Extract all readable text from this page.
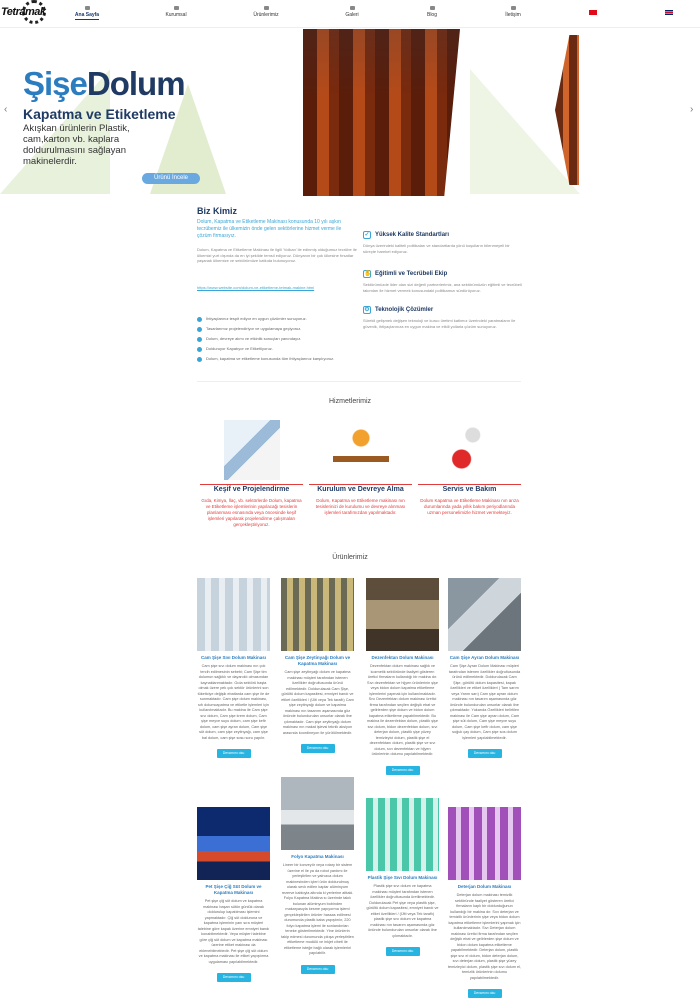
Tetramak	Ana Sayfa	Kurumsal	Ürünlerimiz	Galeri	Blog	İletişim
ŞişeDolum
Kapatma ve Etiketleme
Akışkan ürünlerin Plastik, cam,karton vb. kaplara doldurulmasını sağlayan makinelerdir.
Ürünü İncele
‹	›
Biz Kimiz
Dolum, Kapatma ve Etiketleme Makinası konusunda 10 yılı aşkın tecrübemiz ile ülkemizin önde gelen sektörlerine hizmet verme ile çözüm firmasıyız.
Dolum, Kapatma ve Etiketleme Makinası ile ilgili 'Volkan' ile edinmiş olduğumuz tecrübe ile ülkemizi yurt dışında da en iyi şekilde temsil ediyoruz. Dünyanın bir çok ülkesine fırsatlar yaşanak ülkemize ve sektörümüze katkıda bulunuyoruz.
https://www.website.com/dolum-ve-etiketleme-tetmak-makine.html
İhtiyaçlarınız tespit ediyor en uygun çözümler sunuyoruz.
Tasarlarımız projelendiriyor ve uygulamaya geçiyoruz.
Dolum, devreye alımı ve etkinlik sonuçları yanındayız.
Dolduruyor Kapatıyor ve Etiketliyoruz.
Dolum, kapatma ve etiketleme konusunda tüm ihtiyaçlarınız karşılıyoruz.
✓ Yüksek Kalite Standartları
Dünya üzerindeki kaliteli politikaları ve standartlarda yönü koşulların bilenmeyeli bir süreçte hareket ediyoruz.
✋ Eğitimli ve Tecrübeli Ekip
Sektörümüzde lider olan sizi değerli partnerlerimiz, ana sektörümüzün eğitimli ve tecrübeli takımları ile hizmet vermek konusundaki politikamızı sürdürüyoruz.
⚙ Teknolojik Çözümler
Sürekli gelişmek değişen teknoloji ve kuruo üretimi katlımız üzerindeki yaratmaların ile güvenik, ihtiyaçlarınıza en uygun makina ve etkili yollarla çözüm sunuyoruz.
Hizmetlerimiz
Keşif ve Projelendirme
Gıda, Kimya, İlaç, vb. sektörlerde Dolum, kapatma ve Etiketleme işlemlerinin yapılacağı tesislerin planlanması esnasında veya öncesinde keşif işlemleri yapılarak projelendirme çalışmaları gerçekleştiriyoruz.
Kurulum ve Devreye Alma
Dolum, Kapatma ve Etiketleme makinası nın tesislerinizi de kurulumu ve devreye alınması işlemleri tarafımızdan yapılmaktadır.
Servis ve Bakım
Dolum Kapatma ve Etiketleme Makinası nın arıza durumlarında yada yıllık bakım periyodlarında uzman personelimizle hizmet vermekteyiz.
Ürünlerimiz
Cam Şişe Sıvı Dolum Makinası
Cam şişe sıvı dolum makinası nın çok tercih edilmesinin sebebi; Cam Şişe tim dolumun sağlıklı ve dayanıklı olmasından kaynaklanmaktadır. Gıda sektörü başta olmak üzere pek çok sektör ürünlerini son tüketiciye değişik ebatlarda cam şişe ile de sunmaktadır. Cam şişe dolum makinası, sıfı dolumcapatma ve etiketle işlemleri için kullanılmaktadır. Bu makina ile Cam şişe sıvı dolum, Cam şişe krem dolum, Cam şişe meyve suyu dolum, cam şişe kefir dolum, cam şişe ayran dolum, Cam şişe süt dolum, cam şişe zeytinyağı, cam şişe bal dolum, cam şişe sosu soru yapılır.
Devamını oku
Cam Şişe Zeytinyağı Dolum ve Kapatma Makinası
Cam şişe zeytinyağı dolum ve kapatma makinası müşteri tarafından istenen özellikler doğrultusunda ürünü edilmektedir. Doldurulacak Cam Şişe, gürültü dolum kapasitesi, emniyet bandı ve etiket özellikleri / (Ülti veya Tek taraflı) Cam şişe zeytinyağı dolum ve kapatma makinası nın tasarımı aşamasında göz önünde bulundurulan unsurlar olarak ilne çıkmaktadır. Cam şişe zeytinyağı dolum makinası nın makat işlevsi teknik aksiyon arasında koordineyon ile yürütülmektedir.
Devamını oku
Dezenfektan Dolum Makinası
Dezenfektan dolum makinası sağlık ve kozmetik sektöründe faaliyet gösteren üretici firmaların kullandığı bir makina dır. Sıvı dezenfektan ve hijyen ürünlerinin şişe veya bidon dolum kapatma etiketleme işlemlerini yapmak için kullanılmaktadır. Sıvı Dezenfektan dolum makinası üretici firma tarafından seçilen değişik ebat ve gelirlerden şişe dolum ve bidon dolum kapatma etiketleme yapabilmektedir. Bu makina ile dezenfektan dolum, plastik şişe sıvı dolum, bidon dezenfektan dolum, sıvı deterjan dolum, plastik şişe yüzey temizleyici dolum, plastik şişe el dezenfektanı dolum, plastik şişe ve sıvı dolum, sıvı dezenfektan ve hijyen ürünlerinin dolumu yapılabilmektedir.
Devamını oku
Cam Şişe Ayran Dolum Makinası
Cam Şişe Ayran Dolum Makinası müşteri tarafından istenen özellikler doğrultusunda ürünü edilmektedir. Doldurulacak Cam Şişe, gürültü dolum kapasitesi, kapak özellikleri ve etiket özellikleri ( Tam sarım veya Yarım sarı) Cam şişe ayran dolum makinası nın tasarım aşamasında göz önünde bulundurulan unsurlar olarak ilne çıkmaktadır. Yukarıda Özellikleri belirtilen makinası ile Cam şişe ayran dolum, Cam şişe süt dolum, Cam şişe meyve suyu dolum, Cam şişe kefir dolum, cam şişe soğuk çay dolum, Cam şişe sos dolum işlemleri yapılabilmektedir.
Devamını oku
Pet Şişe Çiğ Süt Dolum ve Kapatma Makinası
Pet şişe çiğ süt dolum ve kapatma makinası başarı sütün günlük olarak doldurulup kapatılması işlemini yapmaktadır. Çiğ süt dolduruna ve kapatma işleminin yanı sıra müşteri talebine göre kapak üzerine emniyet bandı konabilmektedir. Veya müşteri talebine göre çiğ süt dolum ve kapatma makinası üzerine etiket makinası da eklenebilmektedir. Pet şişe çiğ süt dolum ve kapatma makinası ile etiket yapıştırma uygulaması yapılabilmektedir.
Devamını oku
Folyo Kapatma Makinası
Lineer bir konveyör veya rotary bir sistem üzerine el ile ya da robot yardımı ile yerleştirilen ve yalnızca dolum makinesinden içleri ürün doldurulmuş olarak sevk edilen kaplar alüminyum rezerve kabloyla altında ki yerlerine alttaki. Folyo Kapatma Makina sı üzerinde takılı bulunan alüminyum bobinden makaryasıyla kesme yapıyorma işlemi gerçekleştirilen ürünler hassas edilmesi durumunda plastik kaba yapıştırılır, 220 folyo kapatma işlemi ile sonlandırılan teneke gösterilmektedir. Yine ürünlerin takip edmesi durumunda çıkışa yerleştirilen etiketleme modülü ve inkjet ciheti ile etiketleme isteğe bağlı olarak işlemlerini yapılabilir.
Devamını oku
Plastik Şişe Sıvı Dolum Makinası
Plastik şişe sıvı dolum ve kapatma makinası müşteri tarafından istenen özellikler doğrultusunda üretilmektedir. Doldurulacak Pet şişe veya plastik şişe, gürültü dolum kapasitesi, emniyet bandı ve etiket özellikleri / (Ülti veya Tek taraflı) plastik şişe sıvı dolum ve kapatma makinası nın tasarım aşamasında göz önünde bulundurulan unsurlar olarak ilne çıkmaktadır.
Devamını oku
Deterjan Dolum Makinası
Deterjan dolum makinası temizlik sektöründe faaliyet gösteren üretici firmaların kaplı bir doldurduğunun kullandığı bir makina dır. Sıvı deterjan ve temizlik ürünlerinin şişe veya bidon dolum kapatma etiketleme işlemlerini yapmak için kullanılmaktadır. Sıvı Deterjan dolum makinası üretici firma tarafından seçilen değişik ebat ve gelirlerden şişe dolum ve bidon dolum kapatma etiketleme yapabilmektedir. Deterjan dolum, plastik şişe sıvı el dolum, bidon deterjan dolum, sıvı deterjan dolum, plastik şişe yüzey temizleyici dolum, plastik şişe sıvı dolum el, temizlik ürünlerinin dolumu yapılabilmektedir.
Devamını oku
